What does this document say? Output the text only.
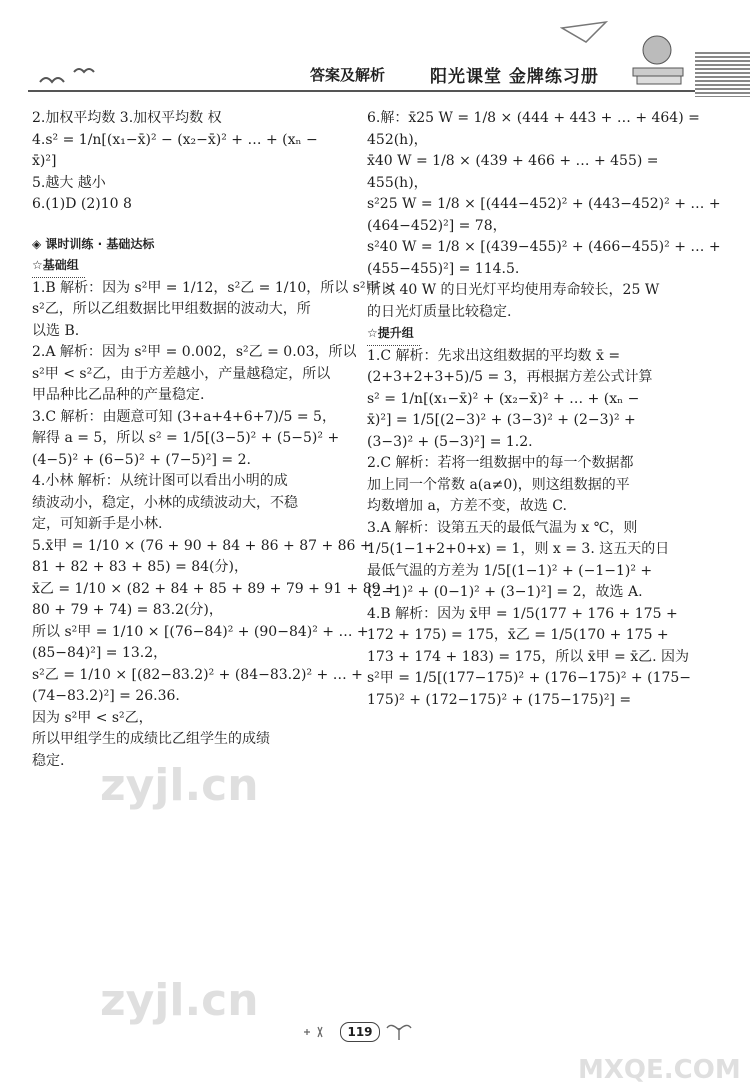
答案及解析	阳光课堂 金牌练习册
2.加权平均数 3.加权平均数 权
4.s² = 1/n[(x₁−x̄)² − (x₂−x̄)² + … + (xₙ −
x̄)²]
5.越大 越小
6.(1)D (2)10 8
◈ 课时训练 · 基础达标
☆基础组
1.B 解析：因为 s²甲 = 1/12，s²乙 = 1/10，所以 s²甲 <
s²乙，所以乙组数据比甲组数据的波动大，所
以选 B.
2.A 解析：因为 s²甲 = 0.002，s²乙 = 0.03，所以
s²甲 < s²乙，由于方差越小，产量越稳定，所以
甲品种比乙品种的产量稳定.
3.C 解析：由题意可知 (3+a+4+6+7)/5 = 5，
解得 a = 5，所以 s² = 1/5[(3−5)² + (5−5)² +
(4−5)² + (6−5)² + (7−5)²] = 2.
4.小林 解析：从统计图可以看出小明的成
绩波动小，稳定，小林的成绩波动大，不稳
定，可知新手是小林.
5.x̄甲 = 1/10 × (76 + 90 + 84 + 86 + 87 + 86 +
81 + 82 + 83 + 85) = 84(分)，
x̄乙 = 1/10 × (82 + 84 + 85 + 89 + 79 + 91 + 89 +
80 + 79 + 74) = 83.2(分)，
所以 s²甲 = 1/10 × [(76−84)² + (90−84)² + … +
(85−84)²] = 13.2，
s²乙 = 1/10 × [(82−83.2)² + (84−83.2)² + … +
(74−83.2)²] = 26.36.
因为 s²甲 < s²乙，
所以甲组学生的成绩比乙组学生的成绩
稳定.
6.解：x̄25 W = 1/8 × (444 + 443 + … + 464) =
452(h)，
x̄40 W = 1/8 × (439 + 466 + … + 455) =
455(h)，
s²25 W = 1/8 × [(444−452)² + (443−452)² + … +
(464−452)²] = 78，
s²40 W = 1/8 × [(439−455)² + (466−455)² + … +
(455−455)²] = 114.5.
所以 40 W 的日光灯平均使用寿命较长，25 W
的日光灯质量比较稳定.
☆提升组
1.C 解析：先求出这组数据的平均数 x̄ =
(2+3+2+3+5)/5 = 3，再根据方差公式计算
s² = 1/n[(x₁−x̄)² + (x₂−x̄)² + … + (xₙ −
x̄)²] = 1/5[(2−3)² + (3−3)² + (2−3)² +
(3−3)² + (5−3)²] = 1.2.
2.C 解析：若将一组数据中的每一个数据都
加上同一个常数 a(a≠0)，则这组数据的平
均数增加 a，方差不变，故选 C.
3.A 解析：设第五天的最低气温为 x ℃，则
1/5(1−1+2+0+x) = 1，则 x = 3. 这五天的日
最低气温的方差为 1/5[(1−1)² + (−1−1)² +
(2−1)² + (0−1)² + (3−1)²] = 2，故选 A.
4.B 解析：因为 x̄甲 = 1/5(177 + 176 + 175 +
172 + 175) = 175，x̄乙 = 1/5(170 + 175 +
173 + 174 + 183) = 175，所以 x̄甲 = x̄乙. 因为
s²甲 = 1/5[(177−175)² + (176−175)² + (175−
175)² + (172−175)² + (175−175)²] =
zyjl.cn
zyjl.cn
MXQE.COM
119
